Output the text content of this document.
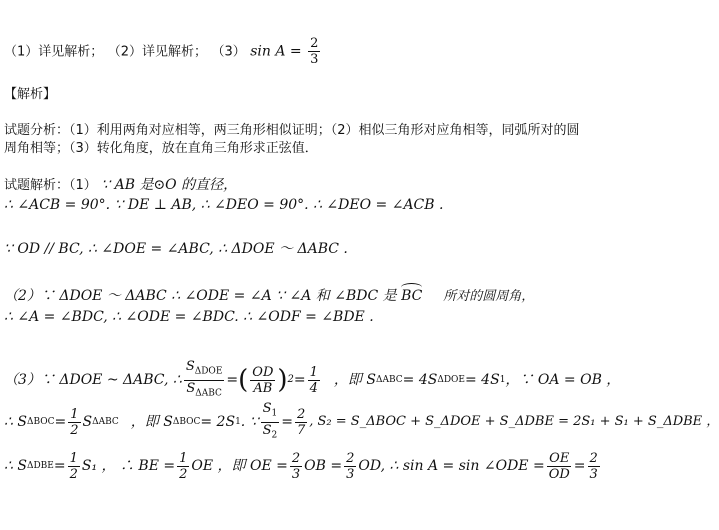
（1）详见解析； （2）详见解析； （3） $\sin A = \frac{2}{3}$
【解析】
试题分析：（1）利用两角对应相等，两三角形相似证明；（2）相似三角形对应角相等，同弧所对的圆
周角相等；（3）转化角度，放在直角三角形求正弦值．
试题解析：（1） ∵ AB 是⊙O 的直径，
∴ ∠ACB = 90°. ∵ DE ⊥ AB, ∴ ∠DEO = 90°. ∴ ∠DEO = ∠ACB .
∵ OD // BC, ∴ ∠DOE = ∠ABC, ∴ ΔDOE ～ ΔABC .
（2）∵ ΔDOE ～ ΔABC ∴ ∠ODE = ∠A ∵ ∠A 和 ∠BDC 是 BC 所对的圆周角，
∴ ∠A = ∠BDC, ∴ ∠ODE = ∠BDC. ∴ ∠ODF = ∠BDE .
（3）∵ ΔDOE ~ ΔABC, ∴ $\frac{S_{\Delta DOE}}{S_{\Delta ABC}}$ = ( $\frac{OD}{AB}$ ) $2 = \frac{1}{4}$ ，即 S ΔABC = 4S ΔDOE = 4S 1 ，∵ OA = OB ，
∴ S $\Delta BOC = \frac{1}{2}$ S ΔABC ，即 S ΔBOC = 2S 1 . ∵ $\frac{S_1}{S_2} = \frac{2}{7}$ , S₂ = S_ΔBOC + S_ΔDOE + S_ΔDBE = 2S₁ + S₁ + S_ΔDBE ，
∴ S $\Delta DBE = \frac{1}{2} S_1$ ， ∴ BE = $\frac{1}{2}$ OE ，即 OE = $\frac{2}{3}$ OB = $\frac{2}{3}$ OD, ∴ sin A = sin ∠ODE = $\frac{OE}{OD} = \frac{2}{3}$
